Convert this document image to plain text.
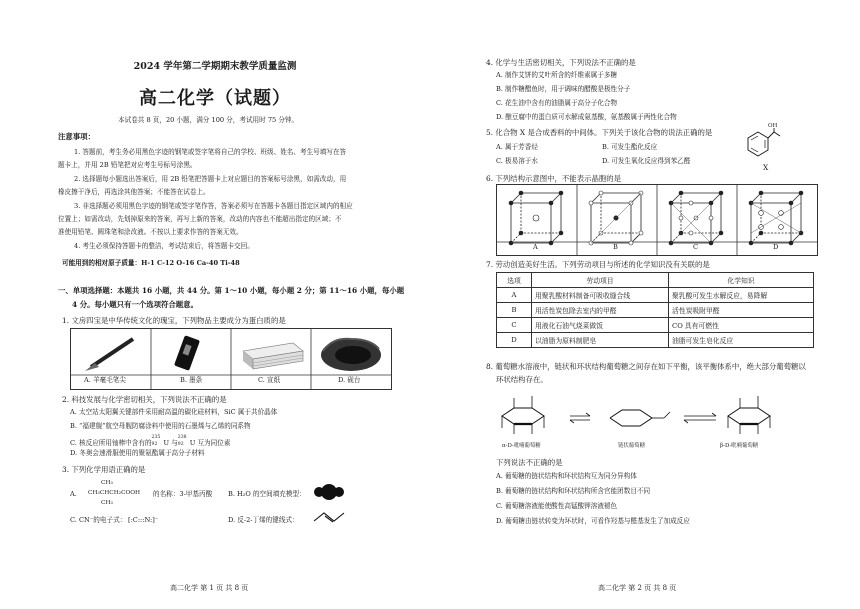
2024 学年第二学期期末教学质量监测
高二化学（试题）
本试卷共 8 页，20 小题，满分 100 分，考试用时 75 分钟。
注意事项：
1. 答题前，考生务必用黑色字迹的钢笔或签字笔将自己的学校、班级、姓名、考生号填写在答
题卡上，并用 2B 铅笔把对应考生号标号涂黑。
2. 选择题每小题选出答案后，用 2B 铅笔把答题卡上对应题目的答案标号涂黑，如需改动，用
橡皮擦干净后，再选涂其他答案；不能答在试卷上。
3. 非选择题必须用黑色字迹的钢笔或签字笔作答，答案必须写在答题卡各题目指定区域内的相应
位置上；如需改动，先划掉原来的答案，再写上新的答案，改动的内容也不能超出指定的区域；不
准使用铅笔、圆珠笔和涂改液。不按以上要求作答的答案无效。
4. 考生必须保持答题卡的整洁，考试结束后，将答题卡交回。
可能用到的相对原子质量：H-1 C-12 O-16 Ca-40 Ti-48
一、单项选择题：本题共 16 小题，共 44 分。第 1～10 小题，每小题 2 分；第 11～16 小题，每小题
4 分。每小题只有一个选项符合题意。
1. 文房四宝是中华传统文化的瑰宝，下列物品主要成分为蛋白质的是
A. 羊毫毛笔尖	B. 墨条	C. 宣纸	D. 砚台
2. 科技发展与化学密切相关，下列说法不正确的是
A. 太空站太阳翼关键部件采用耐高温的碳化硅材料，SiC 属于共价晶体
B. “福建舰”航空母舰防腐涂料中使用的石墨烯与乙烯的同系物
C. 核反应所用铀棒中含有的
235
92 U 与
238
92 U 互为同位素
D. 冬奥会速滑服使用的聚氨酯属于高分子材料
3. 下列化学用语正确的是
A.
CH₃
CH₃CHCH₂COOH
CH₃
的名称：3-甲基丙酸 B. H₂O 的空间填充模型：
C. CN⁻的电子式： [:C:::N:]⁻	D. 反-2-丁烯的键线式：
高二化学 第 1 页 共 8 页
4. 化学与生活密切相关，下列说法不正确的是
A. 制作艾饼的艾叶所含的纤维素属于多糖
B. 制作糖醋鱼时，用于调味的醋酸是极性分子
C. 花生油中含有的油脂属于高分子化合物
D. 酿豆腐中的蛋白质可水解成氨基酸，氨基酸属于两性化合物
5. 化合物 X 是合成香料的中间体。下列关于该化合物的说法正确的是
A. 属于芳香烃	B. 可发生酯化反应
C. 极易溶于水	D. 可发生氧化反应得到苯乙醛
OH
X
6. 下列结构示意图中，不能表示晶胞的是
A	B	C	D
7. 劳动创造美好生活。下列劳动项目与所述的化学知识没有关联的是
选项	劳动项目	化学知识
A	用聚乳酸材料制备可吸收缝合线	聚乳酸可发生水解反应，易降解
B	用活性炭包除去室内的甲醛	活性炭吸附甲醛
C	用液化石油气烧菜做饭	CO 具有可燃性
D	以油脂为原料制肥皂	油脂可发生皂化反应
8. 葡萄糖水溶液中，链状和环状结构葡萄糖之间存在如下平衡，该平衡体系中，绝大部分葡萄糖以
环状结构存在。
α-D-吡喃葡萄糖	链状葡萄糖	β-D-吡喃葡萄糖
下列说法不正确的是
A. 葡萄糖的链状结构和环状结构互为同分异构体
B. 葡萄糖的链状结构和环状结构所含官能团数目不同
C. 葡萄糖溶液能使酸性高锰酸钾溶液褪色
D. 葡萄糖由链状转变为环状时，可看作羟基与醛基发生了加成反应
高二化学 第 2 页 共 8 页
